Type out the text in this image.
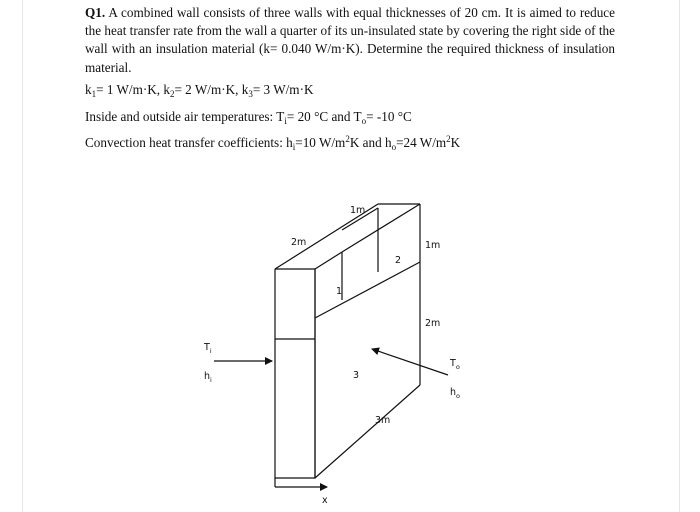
Q1. A combined wall consists of three walls with equal thicknesses of 20 cm. It is aimed to reduce the heat transfer rate from the wall a quarter of its un-insulated state by covering the right side of the wall with an insulation material (k= 0.040 W/m·K). Determine the required thickness of insulation material.

$k_1= 1$ W/m·K, $k_2= 2$ W/m·K, $k_3= 3$ W/m·K
Inside and outside air temperatures: $T_i= 20$ °C and $T_o= -10$ °C
Convection heat transfer coefficients: $h_i=10$ $W/m^2K$ and $h_o=24$ $W/m^2K$
1m
2m	1m
2m
3m
1
2
3
$T_i$
$h_i$
$T_o$
$h_o$
x
